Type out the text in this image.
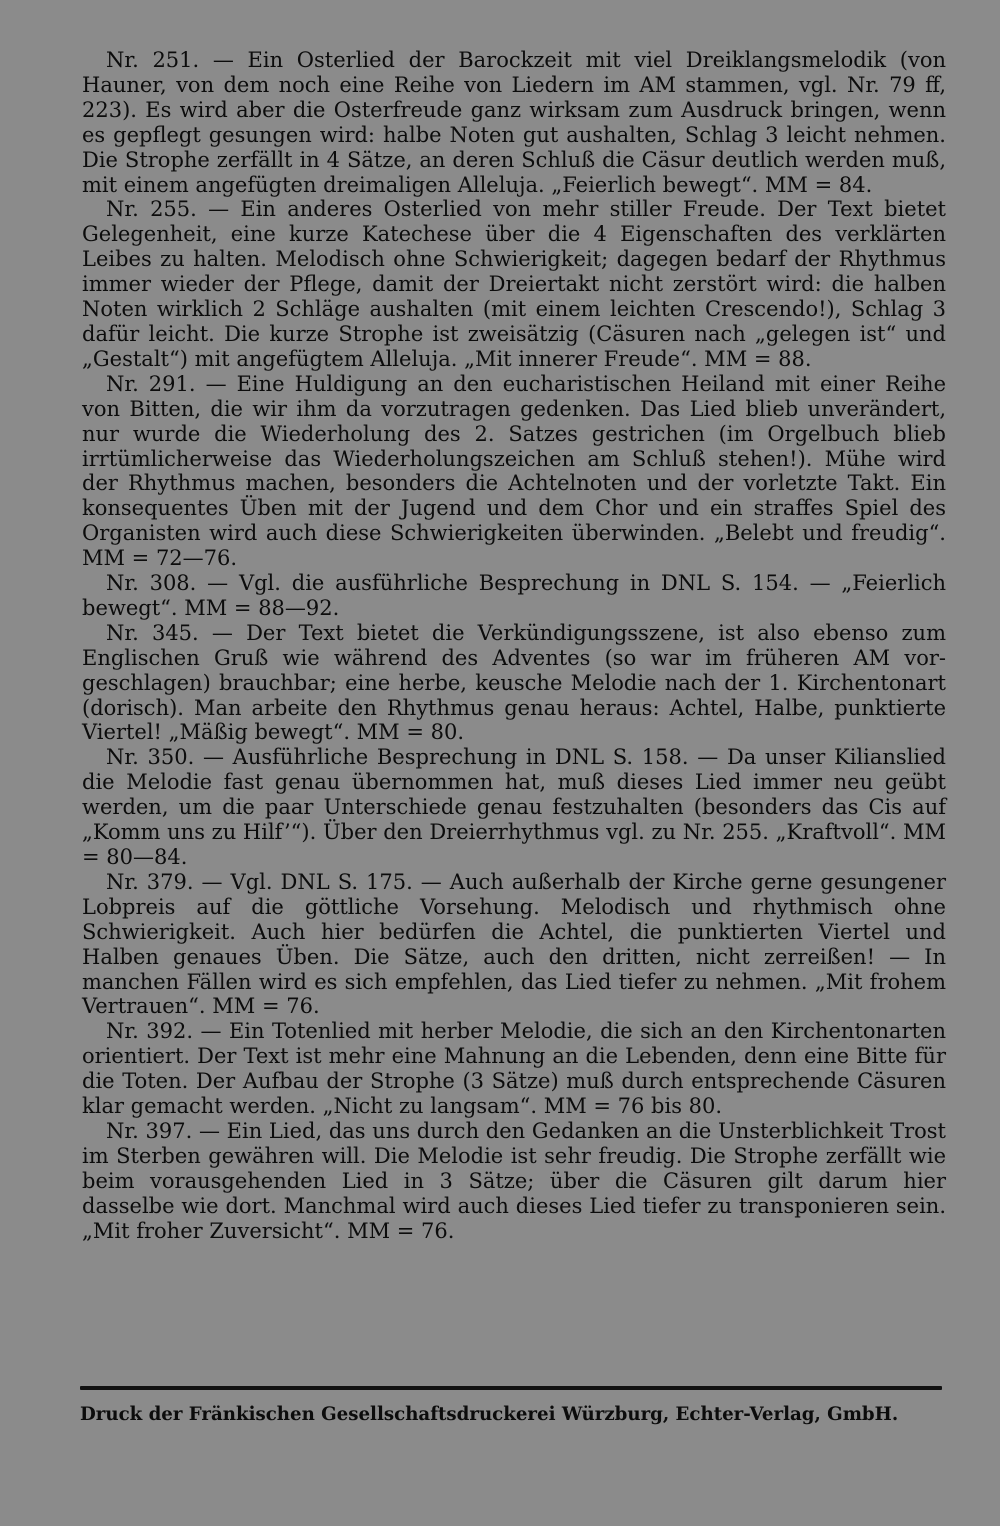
Nr. 251. — Ein Osterlied der Barockzeit mit viel Dreiklangsmelodik (von Hauner, von dem noch eine Reihe von Liedern im AM stammen, vgl. Nr. 79 ff, 223). Es wird aber die Osterfreude ganz wirksam zum Ausdruck bringen, wenn es gepflegt gesungen wird: halbe Noten gut aushalten, Schlag 3 leicht nehmen. Die Strophe zerfällt in 4 Sätze, an deren Schluß die Cäsur deutlich werden muß, mit einem angefügten dreimaligen Alleluja. „Feierlich bewegt“. MM = 84.

Nr. 255. — Ein anderes Osterlied von mehr stiller Freude. Der Text bietet Gelegenheit, eine kurze Katechese über die 4 Eigenschaften des verklärten Leibes zu halten. Melodisch ohne Schwierigkeit; dagegen bedarf der Rhythmus immer wieder der Pflege, damit der Dreiertakt nicht zerstört wird: die halben Noten wirklich 2 Schläge aushalten (mit einem leichten Crescendo!), Schlag 3 dafür leicht. Die kurze Strophe ist zweisätzig (Cäsuren nach „gelegen ist“ und „Gestalt“) mit angefügtem Alleluja. „Mit innerer Freude“. MM = 88.

Nr. 291. — Eine Huldigung an den eucharistischen Heiland mit einer Reihe von Bitten, die wir ihm da vorzutragen gedenken. Das Lied blieb unverändert, nur wurde die Wiederholung des 2. Satzes gestrichen (im Orgelbuch blieb irrtümlicherweise das Wiederholungszeichen am Schluß stehen!). Mühe wird der Rhythmus machen, besonders die Achtelnoten und der vorletzte Takt. Ein konsequentes Üben mit der Jugend und dem Chor und ein straffes Spiel des Organisten wird auch diese Schwierigkeiten überwinden. „Belebt und freudig“. MM = 72—76.

Nr. 308. — Vgl. die ausführliche Besprechung in DNL S. 154. — „Feierlich bewegt“. MM = 88—92.

Nr. 345. — Der Text bietet die Verkündigungsszene, ist also ebenso zum Englischen Gruß wie während des Adventes (so war im früheren AM vorgeschlagen) brauchbar; eine herbe, keusche Melodie nach der 1. Kirchentonart (dorisch). Man arbeite den Rhythmus genau heraus: Achtel, Halbe, punktierte Viertel! „Mäßig bewegt“. MM = 80.

Nr. 350. — Ausführliche Besprechung in DNL S. 158. — Da unser Kilianslied die Melodie fast genau übernommen hat, muß dieses Lied immer neu geübt werden, um die paar Unterschiede genau festzuhalten (besonders das Cis auf „Komm uns zu Hilf’“). Über den Dreierrhythmus vgl. zu Nr. 255. „Kraftvoll“. MM = 80—84.

Nr. 379. — Vgl. DNL S. 175. — Auch außerhalb der Kirche gerne gesungener Lobpreis auf die göttliche Vorsehung. Melodisch und rhythmisch ohne Schwierigkeit. Auch hier bedürfen die Achtel, die punktierten Viertel und Halben genaues Üben. Die Sätze, auch den dritten, nicht zerreißen! — In manchen Fällen wird es sich empfehlen, das Lied tiefer zu nehmen. „Mit frohem Vertrauen“. MM = 76.

Nr. 392. — Ein Totenlied mit herber Melodie, die sich an den Kirchentonarten orientiert. Der Text ist mehr eine Mahnung an die Lebenden, denn eine Bitte für die Toten. Der Aufbau der Strophe (3 Sätze) muß durch entsprechende Cäsuren klar gemacht werden. „Nicht zu langsam“. MM = 76 bis 80.

Nr. 397. — Ein Lied, das uns durch den Gedanken an die Unsterblichkeit Trost im Sterben gewähren will. Die Melodie ist sehr freudig. Die Strophe zerfällt wie beim vorausgehenden Lied in 3 Sätze; über die Cäsuren gilt darum hier dasselbe wie dort. Manchmal wird auch dieses Lied tiefer zu transponieren sein. „Mit froher Zuversicht“. MM = 76.

Druck der Fränkischen Gesellschaftsdruckerei Würzburg, Echter-Verlag, GmbH.
